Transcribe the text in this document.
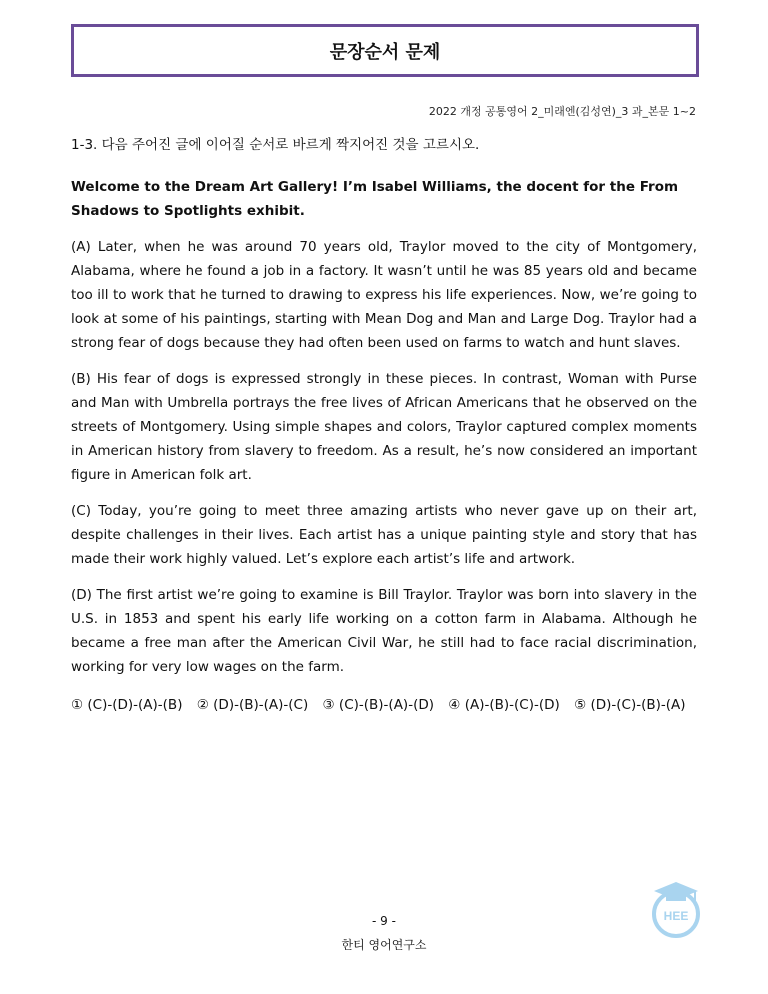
문장순서 문제
2022 개정 공통영어 2_미래엔(김성연)_3 과_본문 1~2

1-3. 다음 주어진 글에 이어질 순서로 바르게 짝지어진 것을 고르시오.

Welcome to the Dream Art Gallery! I’m Isabel Williams, the docent for the From Shadows to Spotlights exhibit.

(A) Later, when he was around 70 years old, Traylor moved to the city of Montgomery, Alabama, where he found a job in a factory. It wasn’t until he was 85 years old and became too ill to work that he turned to drawing to express his life experiences. Now, we’re going to look at some of his paintings, starting with Mean Dog and Man and Large Dog. Traylor had a strong fear of dogs because they had often been used on farms to watch and hunt slaves.

(B) His fear of dogs is expressed strongly in these pieces. In contrast, Woman with Purse and Man with Umbrella portrays the free lives of African Americans that he observed on the streets of Montgomery. Using simple shapes and colors, Traylor captured complex moments in American history from slavery to freedom. As a result, he’s now considered an important figure in American folk art.

(C) Today, you’re going to meet three amazing artists who never gave up on their art, despite challenges in their lives. Each artist has a unique painting style and story that has made their work highly valued. Let’s explore each artist’s life and artwork.

(D) The first artist we’re going to examine is Bill Traylor. Traylor was born into slavery in the U.S. in 1853 and spent his early life working on a cotton farm in Alabama. Although he became a free man after the American Civil War, he still had to face racial discrimination, working for very low wages on the farm.

① (C)-(D)-(A)-(B) ② (D)-(B)-(A)-(C) ③ (C)-(B)-(A)-(D) ④ (A)-(B)-(C)-(D) ⑤ (D)-(C)-(B)-(A)
- 9 -
한티 영어연구소
HEE
